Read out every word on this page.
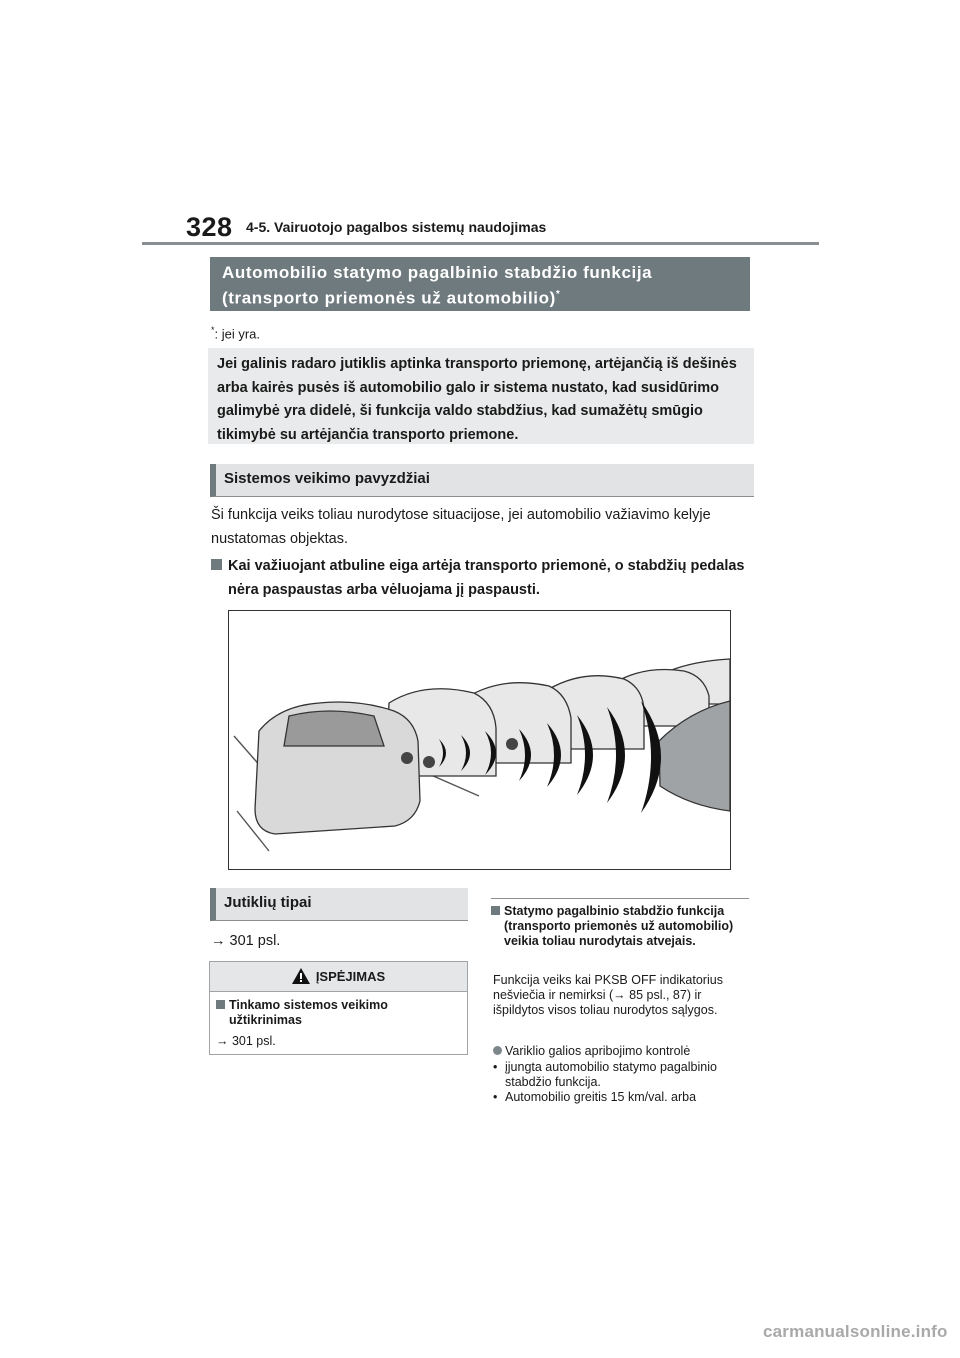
328 4-5. Vairuotojo pagalbos sistemų naudojimas
Automobilio statymo pagalbinio stabdžio funkcija
(transporto priemonės už automobilio)*
*: jei yra.
Jei galinis radaro jutiklis aptinka transporto priemonę, artėjančią iš dešinės arba kairės pusės iš automobilio galo ir sistema nustato, kad susidūrimo galimybė yra didelė, ši funkcija valdo stabdžius, kad sumažėtų smūgio tikimybė su artėjančia transporto priemone.
Sistemos veikimo pavyzdžiai
Ši funkcija veiks toliau nurodytose situacijose, jei automobilio važiavimo kelyje nustatomas objektas.
Kai važiuojant atbuline eiga artėja transporto priemonė, o stabdžių pedalas nėra paspaustas arba vėluojama jį paspausti.
Jutiklių tipai
→ 301 psl.
ĮSPĖJIMAS
Tinkamo sistemos veikimo užtikrinimas
→ 301 psl.
Statymo pagalbinio stabdžio funkcija (transporto priemonės už automobilio) veikia toliau nurodytais atvejais.
Funkcija veiks kai PKSB OFF indikatorius nešviečia ir nemirksi (→ 85 psl., 87) ir išpildytos visos toliau nurodytos sąlygos.
Variklio galios apribojimo kontrolė
• įjungta automobilio statymo pagalbinio stabdžio funkcija.
• Automobilio greitis 15 km/val. arba
carmanualsonline.info
